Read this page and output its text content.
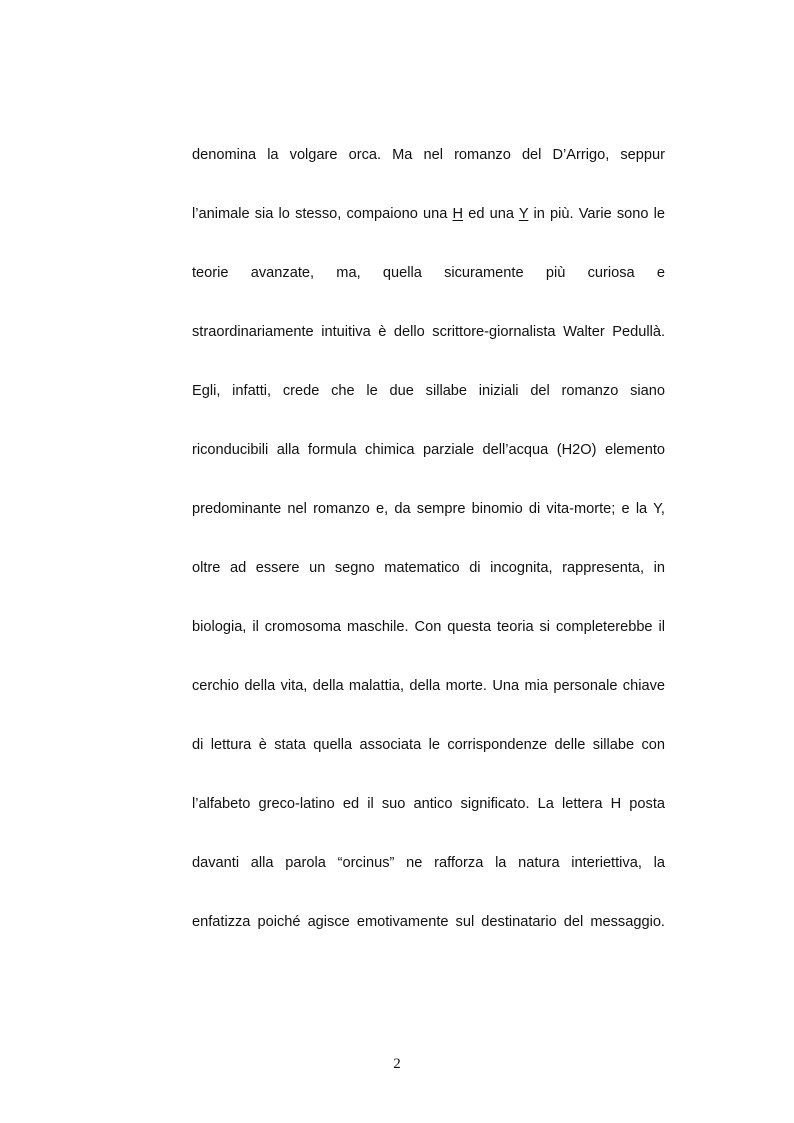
denomina la volgare orca. Ma nel romanzo del D’Arrigo, seppur
l’animale sia lo stesso, compaiono una H ed una Y in più. Varie sono le
teorie avanzate, ma, quella sicuramente più curiosa e
straordinariamente intuitiva è dello scrittore-giornalista Walter Pedullà.
Egli, infatti, crede che le due sillabe iniziali del romanzo siano
riconducibili alla formula chimica parziale dell’acqua (H2O) elemento
predominante nel romanzo e, da sempre binomio di vita-morte; e la Y,
oltre ad essere un segno matematico di incognita, rappresenta, in
biologia, il cromosoma maschile. Con questa teoria si completerebbe il
cerchio della vita, della malattia, della morte. Una mia personale chiave
di lettura è stata quella associata le corrispondenze delle sillabe con
l’alfabeto greco-latino ed il suo antico significato. La lettera H posta
davanti alla parola “orcinus” ne rafforza la natura interiettiva, la
enfatizza poiché agisce emotivamente sul destinatario del messaggio.
2
